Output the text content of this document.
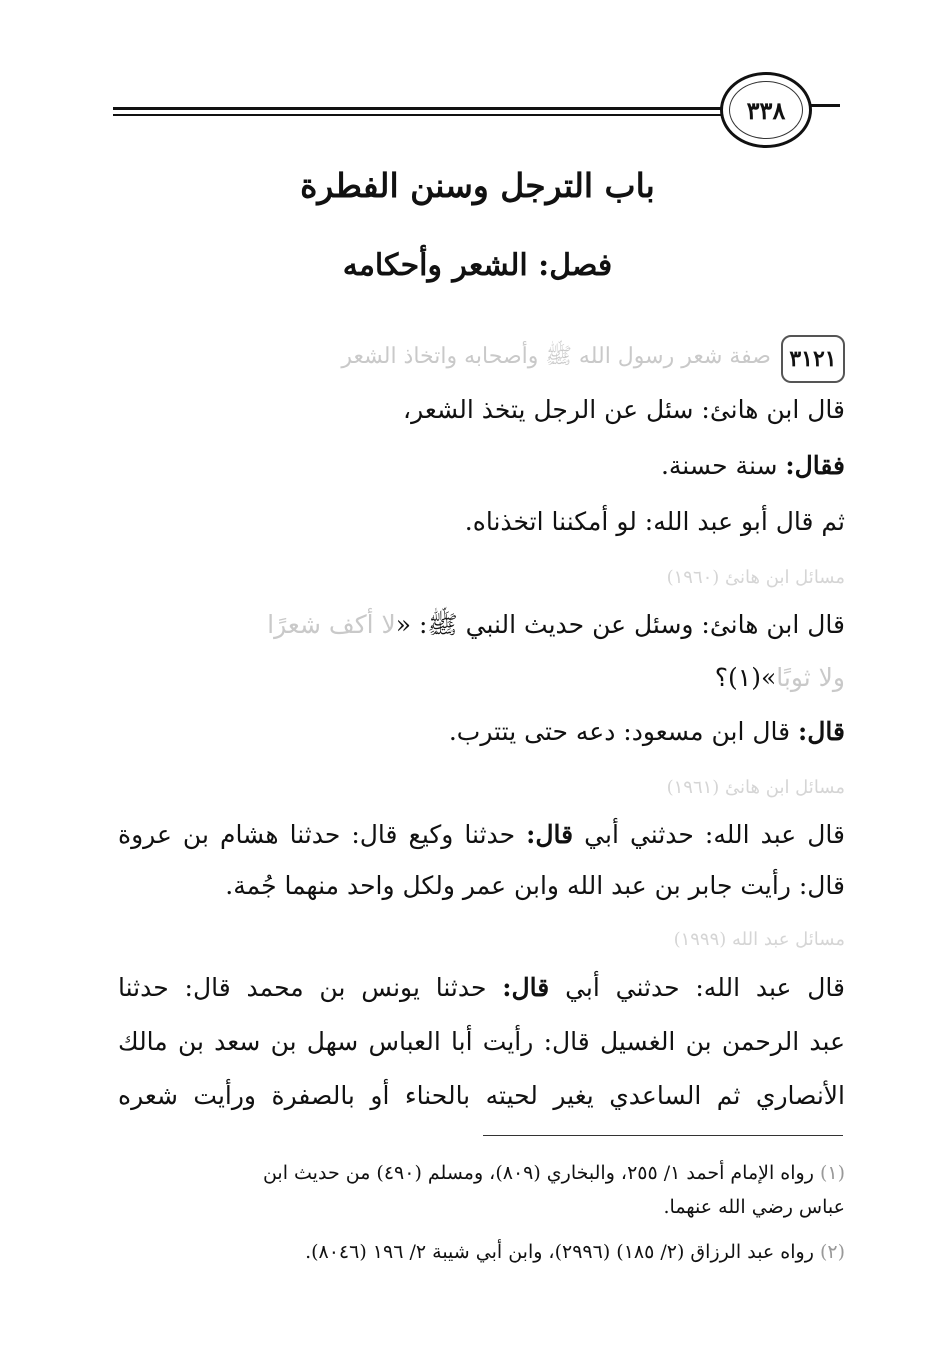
٣٣٨
باب الترجل وسنن الفطرة
فصل: الشعر وأحكامه
٣١٢١
صفة شعر رسول الله ﷺ وأصحابه واتخاذ الشعر
قال ابن هانئ: سئل عن الرجل يتخذ الشعر،
فقال: سنة حسنة.
ثم قال أبو عبد الله: لو أمكننا اتخذناه.
مسائل ابن هانئ (١٩٦٠)
قال ابن هانئ: وسئل عن حديث النبي ﷺ: «لا أكف شعرًا
ولا ثوبًا»(١)؟
قال: قال ابن مسعود: دعه حتى يتترب.
مسائل ابن هانئ (١٩٦١)
قال عبد الله: حدثني أبي قال: حدثنا وكيع قال: حدثنا هشام بن عروة
قال: رأيت جابر بن عبد الله وابن عمر ولكل واحد منهما جُمة.
مسائل عبد الله (١٩٩٩)
قال عبد الله: حدثني أبي قال: حدثنا يونس بن محمد قال: حدثنا
عبد الرحمن بن الغسيل قال: رأيت أبا العباس سهل بن سعد بن مالك
الأنصاري ثم الساعدي يغير لحيته بالحناء أو بالصفرة ورأيت شعره
(١) رواه الإمام أحمد ١/ ٢٥٥، والبخاري (٨٠٩)، ومسلم (٤٩٠) من حديث ابن
عباس رضي الله عنهما.
(٢) رواه عبد الرزاق (٢/ ١٨٥) (٢٩٩٦)، وابن أبي شيبة ٢/ ١٩٦ (٨٠٤٦).
